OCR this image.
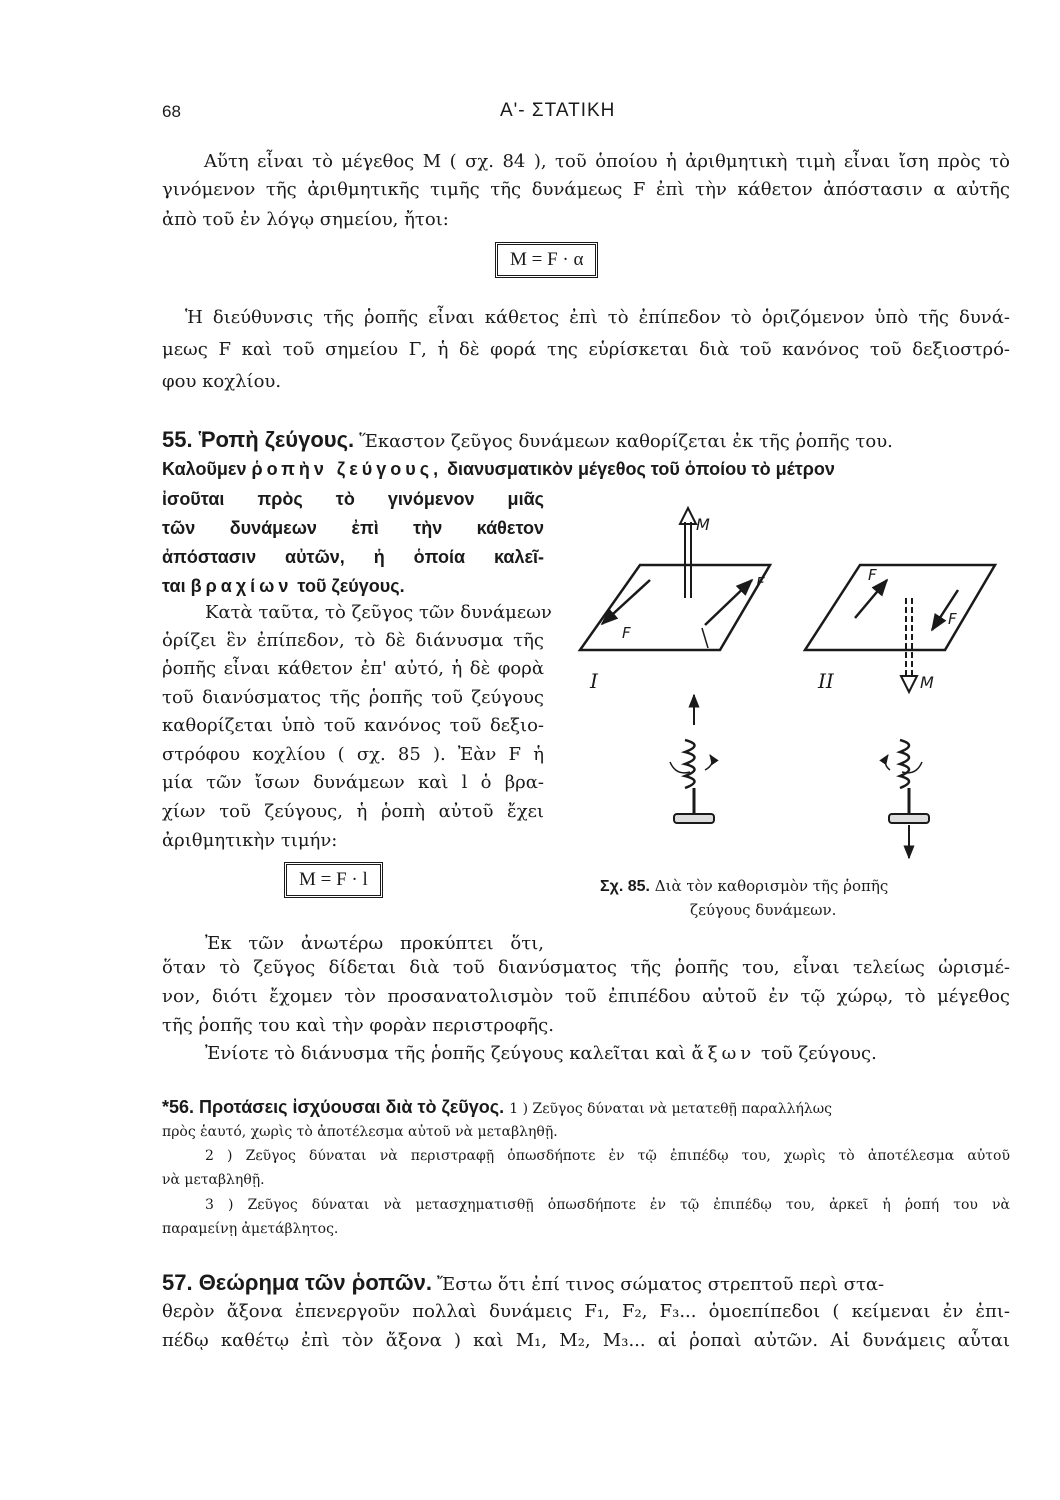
68	Α'- ΣΤΑΤΙΚΗ
Αὕτη εἶναι τὸ μέγεθος Μ ( σχ. 84 ), τοῦ ὁποίου ἡ ἀριθμητικὴ τιμὴ εἶναι ἴση πρὸς τὸ
γινόμενον τῆς ἀριθμητικῆς τιμῆς τῆς δυνάμεως F ἐπὶ τὴν κάθετον ἀπόστασιν α αὐτῆς
ἀπὸ τοῦ ἐν λόγῳ σημείου, ἤτοι:
Μ = F · α
Ἡ διεύθυνσις τῆς ῥοπῆς εἶναι κάθετος ἐπὶ τὸ ἐπίπεδον τὸ ὁριζόμενον ὑπὸ τῆς δυνά-
μεως F καὶ τοῦ σημείου Γ, ἡ δὲ φορά της εὑρίσκεται διὰ τοῦ κανόνος τοῦ δεξιοστρό-
φου κοχλίου.
55. Ῥοπὴ ζεύγους. Ἕκαστον ζεῦγος δυνάμεων καθορίζεται ἐκ τῆς ῥοπῆς του.
Καλοῦμεν ῥοπὴν ζεύγους, διανυσματικὸν μέγεθος τοῦ ὁποίου τὸ μέτρον
ἰσοῦται πρὸς τὸ γινόμενον μιᾶς
τῶν δυνάμεων ἐπὶ τὴν κάθετον
ἀπόστασιν αὐτῶν, ἡ ὁποία καλεῖ-
ται βραχίων τοῦ ζεύγους.
Κατὰ ταῦτα, τὸ ζεῦγος τῶν δυνάμεων
ὁρίζει ἓν ἐπίπεδον, τὸ δὲ διάνυσμα τῆς
ῥοπῆς εἶναι κάθετον ἐπ' αὐτό, ἡ δὲ φορὰ
τοῦ διανύσματος τῆς ῥοπῆς τοῦ ζεύγους
καθορίζεται ὑπὸ τοῦ κανόνος τοῦ δεξιο-
στρόφου κοχλίου ( σχ. 85 ). Ἐὰν F ἡ
μία τῶν ἴσων δυνάμεων καὶ l ὁ βρα-
χίων τοῦ ζεύγους, ἡ ῥοπὴ αὐτοῦ ἔχει
ἀριθμητικὴν τιμήν:
Μ = F · l
Ἐκ τῶν ἀνωτέρω προκύπτει ὅτι,
ὅταν τὸ ζεῦγος δίδεται διὰ τοῦ διανύσματος τῆς ῥοπῆς του, εἶναι τελείως ὡρισμέ-
νον, διότι ἔχομεν τὸν προσανατολισμὸν τοῦ ἐπιπέδου αὐτοῦ ἐν τῷ χώρῳ, τὸ μέγεθος
τῆς ῥοπῆς του καὶ τὴν φορὰν περιστροφῆς.
Ἐνίοτε τὸ διάνυσμα τῆς ῥοπῆς ζεύγους καλεῖται καὶ ἄξων τοῦ ζεύγους.
M
F
F	F
F
M
I	II
Σχ. 85. Διὰ τὸν καθορισμὸν τῆς ῥοπῆς
ζεύγους δυνάμεων.
*56. Προτάσεις ἰσχύουσαι διὰ τὸ ζεῦγος. 1 ) Ζεῦγος δύναται νὰ μετατεθῇ παραλλήλως
πρὸς ἑαυτό, χωρὶς τὸ ἀποτέλεσμα αὐτοῦ νὰ μεταβληθῇ.
2 ) Ζεῦγος δύναται νὰ περιστραφῇ ὁπωσδήποτε ἐν τῷ ἐπιπέδῳ του, χωρὶς τὸ ἀποτέλεσμα αὐτοῦ
νὰ μεταβληθῇ.
3 ) Ζεῦγος δύναται νὰ μετασχηματισθῇ ὁπωσδήποτε ἐν τῷ ἐπιπέδῳ του, ἀρκεῖ ἡ ῥοπή του νὰ
παραμείνῃ ἀμετάβλητος.
57. Θεώρημα τῶν ῥοπῶν. Ἔστω ὅτι ἐπί τινος σώματος στρεπτοῦ περὶ στα-
θερὸν ἄξονα ἐπενεργοῦν πολλαὶ δυνάμεις F₁, F₂, F₃... ὁμοεπίπεδοι ( κείμεναι ἐν ἐπι-
πέδῳ καθέτῳ ἐπὶ τὸν ἄξονα ) καὶ Μ₁, Μ₂, Μ₃... αἱ ῥοπαὶ αὐτῶν. Αἱ δυνάμεις αὗται
